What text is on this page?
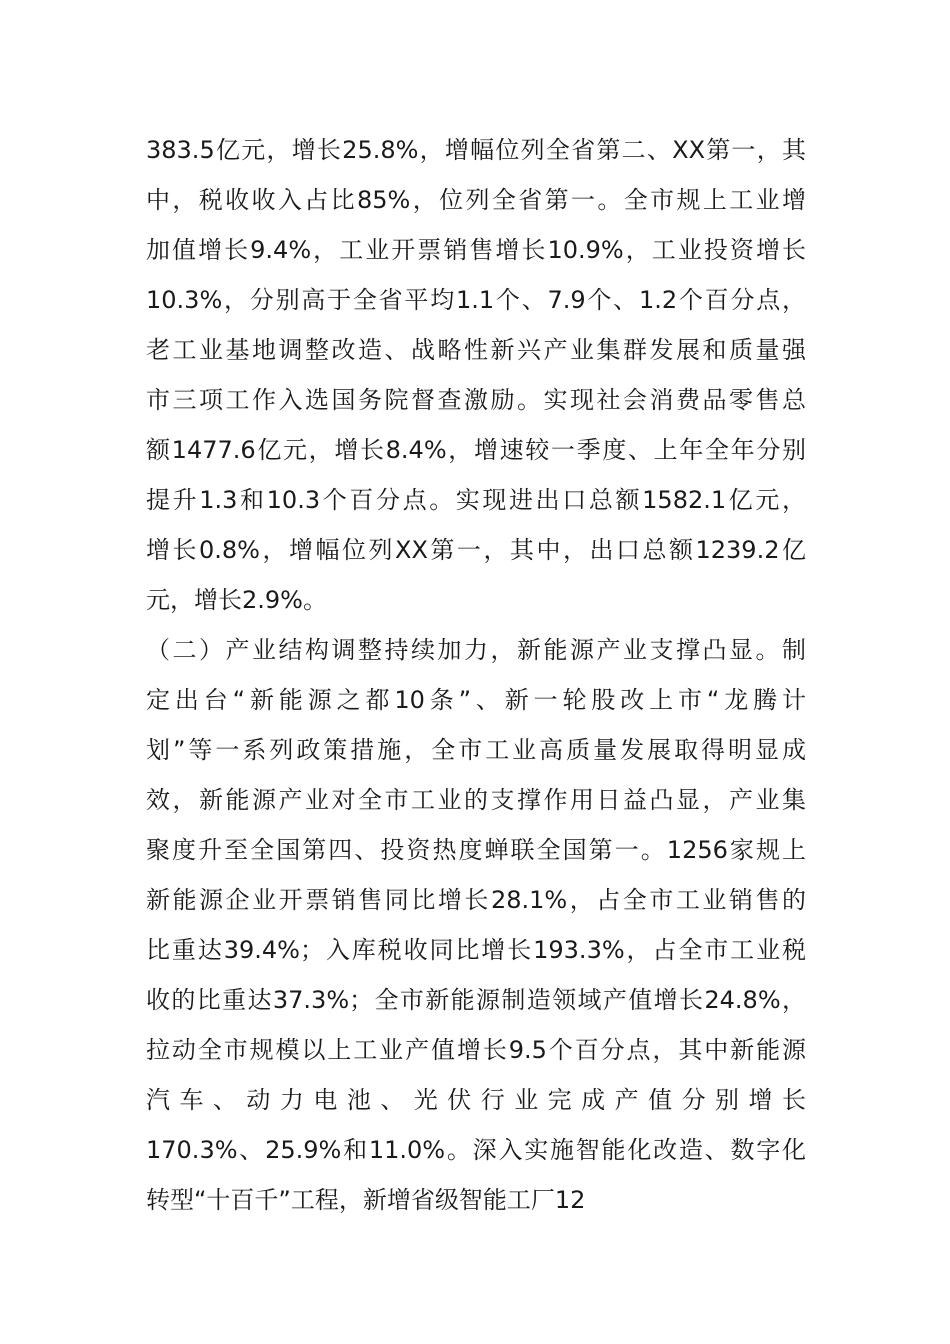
383.5亿元，增长25.8%，增幅位列全省第二、XX第一，其
中，税收收入占比85%，位列全省第一。全市规上工业增
加值增长9.4%，工业开票销售增长10.9%，工业投资增长
10.3%，分别高于全省平均1.1个、7.9个、1.2个百分点，
老工业基地调整改造、战略性新兴产业集群发展和质量强
市三项工作入选国务院督查激励。实现社会消费品零售总
额1477.6亿元，增长8.4%，增速较一季度、上年全年分别
提升1.3和10.3个百分点。实现进出口总额1582.1亿元，
增长0.8%，增幅位列XX第一，其中，出口总额1239.2亿
元，增长2.9%。
（二）产业结构调整持续加力，新能源产业支撑凸显。制
定出台“新能源之都10条”、新一轮股改上市“龙腾计
划”等一系列政策措施，全市工业高质量发展取得明显成
效，新能源产业对全市工业的支撑作用日益凸显，产业集
聚度升至全国第四、投资热度蝉联全国第一。1256家规上
新能源企业开票销售同比增长28.1%，占全市工业销售的
比重达39.4%；入库税收同比增长193.3%，占全市工业税
收的比重达37.3%；全市新能源制造领域产值增长24.8%，
拉动全市规模以上工业产值增长9.5个百分点，其中新能源
汽车、动力电池、光伏行业完成产值分别增长
170.3%、25.9%和11.0%。深入实施智能化改造、数字化
转型“十百千”工程，新增省级智能工厂12
